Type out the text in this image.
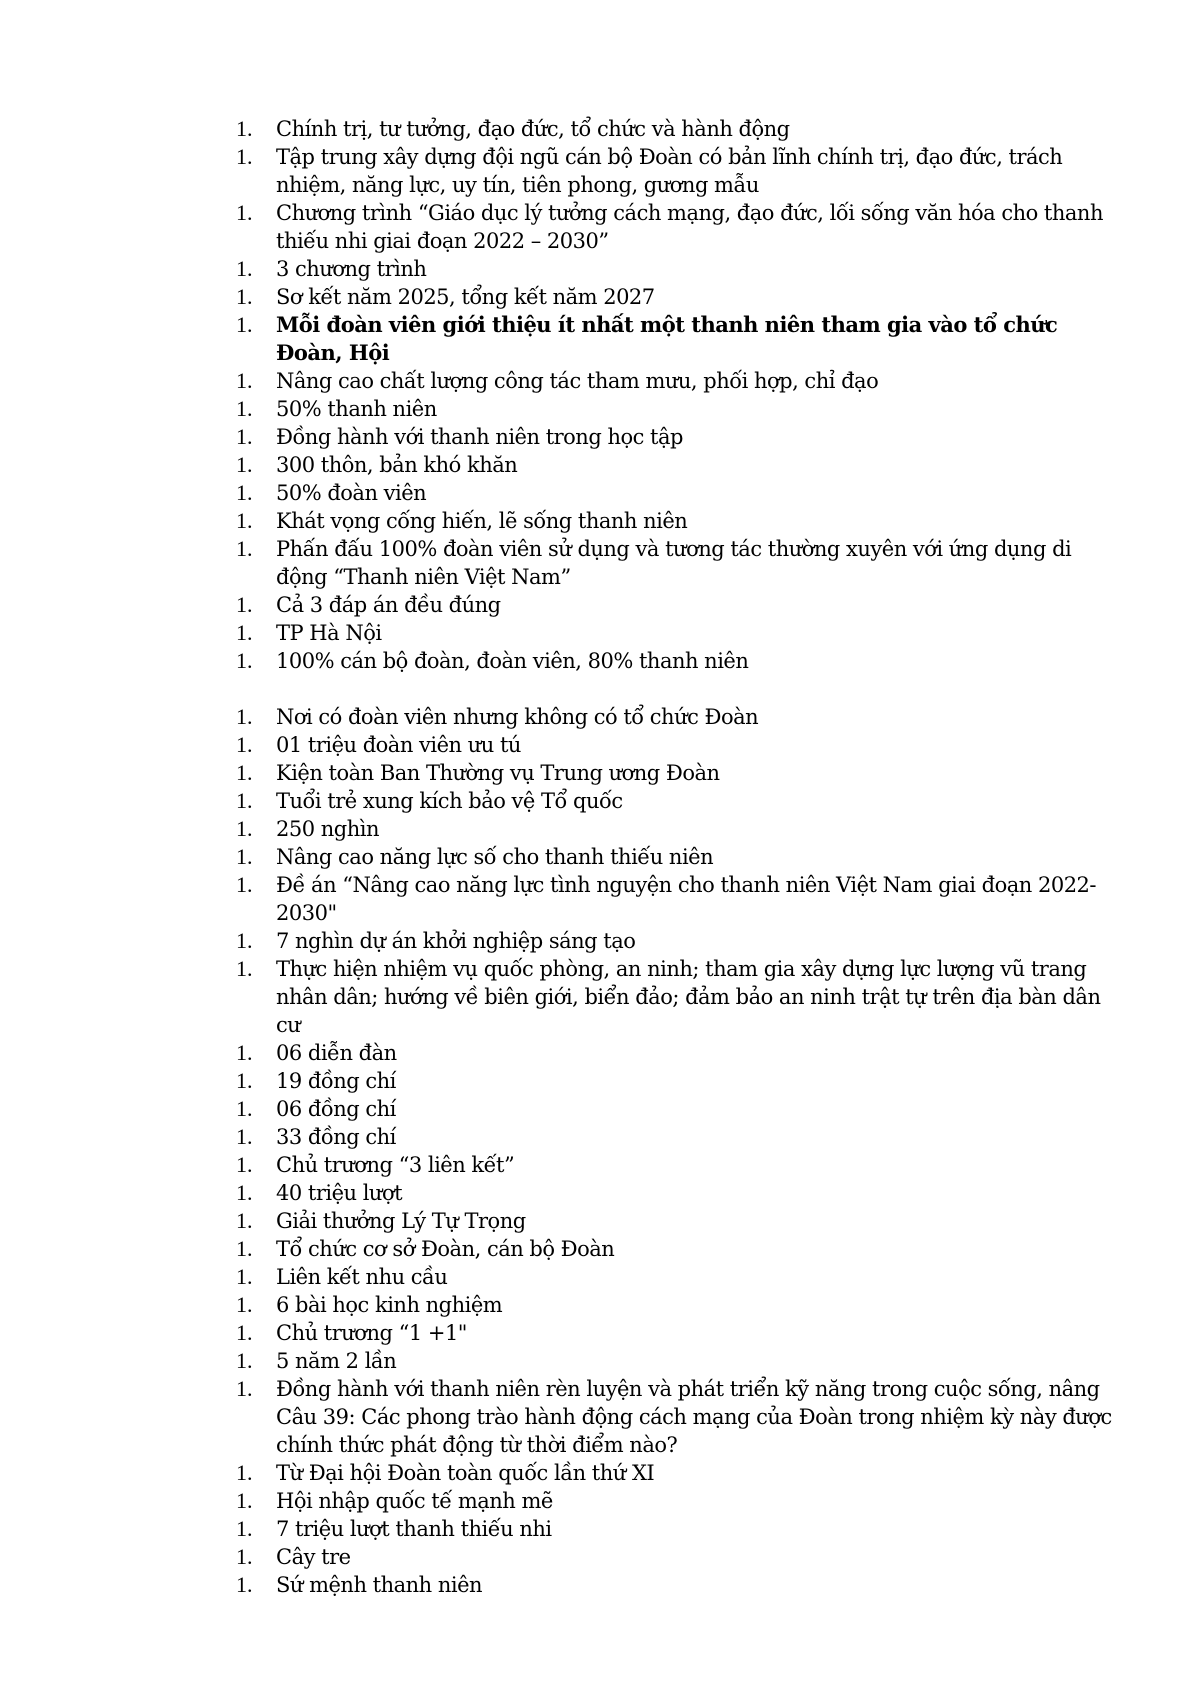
1.	Chính trị, tư tưởng, đạo đức, tổ chức và hành động
1.	Tập trung xây dựng đội ngũ cán bộ Đoàn có bản lĩnh chính trị, đạo đức, trách nhiệm, năng lực, uy tín, tiên phong, gương mẫu
1.	Chương trình “Giáo dục lý tưởng cách mạng, đạo đức, lối sống văn hóa cho thanh thiếu nhi giai đoạn 2022 – 2030”
1.	3 chương trình
1.	Sơ kết năm 2025, tổng kết năm 2027
1.	Mỗi đoàn viên giới thiệu ít nhất một thanh niên tham gia vào tổ chức Đoàn, Hội
1.	Nâng cao chất lượng công tác tham mưu, phối hợp, chỉ đạo
1.	50% thanh niên
1.	Đồng hành với thanh niên trong học tập
1.	300 thôn, bản khó khăn
1.	50% đoàn viên
1.	Khát vọng cống hiến, lẽ sống thanh niên
1.	Phấn đấu 100% đoàn viên sử dụng và tương tác thường xuyên với ứng dụng di động “Thanh niên Việt Nam”
1.	Cả 3 đáp án đều đúng
1.	TP Hà Nội
1.	100% cán bộ đoàn, đoàn viên, 80% thanh niên
1.	Nơi có đoàn viên nhưng không có tổ chức Đoàn
1.	01 triệu đoàn viên ưu tú
1.	Kiện toàn Ban Thường vụ Trung ương Đoàn
1.	Tuổi trẻ xung kích bảo vệ Tổ quốc
1.	250 nghìn
1.	Nâng cao năng lực số cho thanh thiếu niên
1.	Đề án “Nâng cao năng lực tình nguyện cho thanh niên Việt Nam giai đoạn 2022-2030"
1.	7 nghìn dự án khởi nghiệp sáng tạo
1.	Thực hiện nhiệm vụ quốc phòng, an ninh; tham gia xây dựng lực lượng vũ trang nhân dân; hướng về biên giới, biển đảo; đảm bảo an ninh trật tự trên địa bàn dân cư
1.	06 diễn đàn
1.	19 đồng chí
1.	06 đồng chí
1.	33 đồng chí
1.	Chủ trương “3 liên kết”
1.	40 triệu lượt
1.	Giải thưởng Lý Tự Trọng
1.	Tổ chức cơ sở Đoàn, cán bộ Đoàn
1.	Liên kết nhu cầu
1.	6 bài học kinh nghiệm
1.	Chủ trương “1 +1"
1.	5 năm 2 lần
1.	Đồng hành với thanh niên rèn luyện và phát triển kỹ năng trong cuộc sống, nâng Câu 39: Các phong trào hành động cách mạng của Đoàn trong nhiệm kỳ này được chính thức phát động từ thời điểm nào?
1.	Từ Đại hội Đoàn toàn quốc lần thứ XI
1.	Hội nhập quốc tế mạnh mẽ
1.	7 triệu lượt thanh thiếu nhi
1.	Cây tre
1.	Sứ mệnh thanh niên
